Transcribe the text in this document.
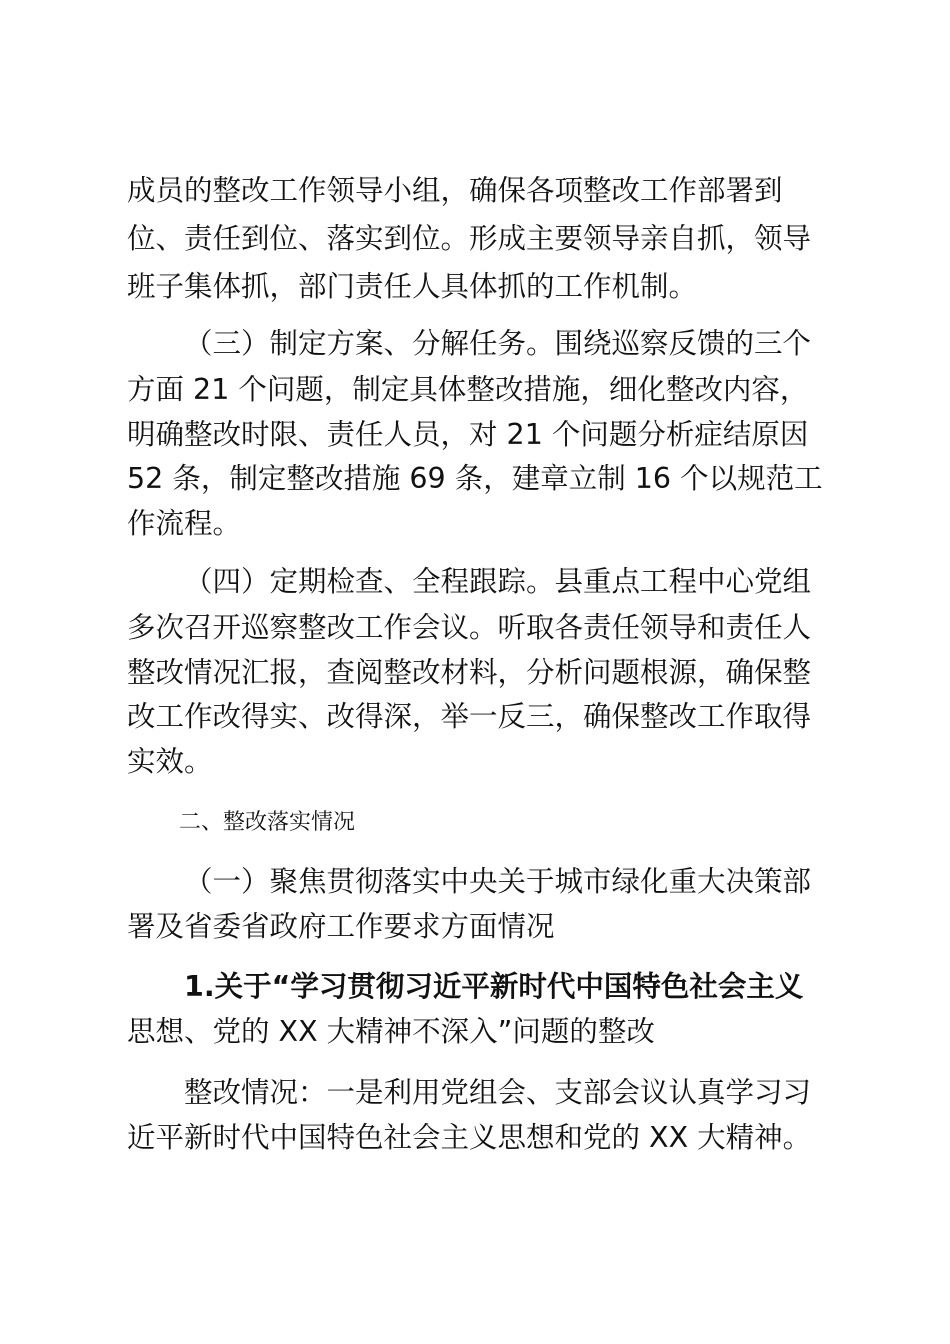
成员的整改工作领导小组，确保各项整改工作部署到
位、责任到位、落实到位。形成主要领导亲自抓，领导
班子集体抓，部门责任人具体抓的工作机制。
（三）制定方案、分解任务。围绕巡察反馈的三个
方面 21 个问题，制定具体整改措施，细化整改内容，
明确整改时限、责任人员，对 21 个问题分析症结原因
52 条，制定整改措施 69 条，建章立制 16 个以规范工
作流程。
（四）定期检查、全程跟踪。县重点工程中心党组
多次召开巡察整改工作会议。听取各责任领导和责任人
整改情况汇报，查阅整改材料，分析问题根源，确保整
改工作改得实、改得深，举一反三，确保整改工作取得
实效。
二、整改落实情况
（一）聚焦贯彻落实中央关于城市绿化重大决策部
署及省委省政府工作要求方面情况
1.关于“学习贯彻习近平新时代中国特色社会主义
思想、党的 XX 大精神不深入”问题的整改
整改情况：一是利用党组会、支部会议认真学习习
近平新时代中国特色社会主义思想和党的 XX 大精神。
